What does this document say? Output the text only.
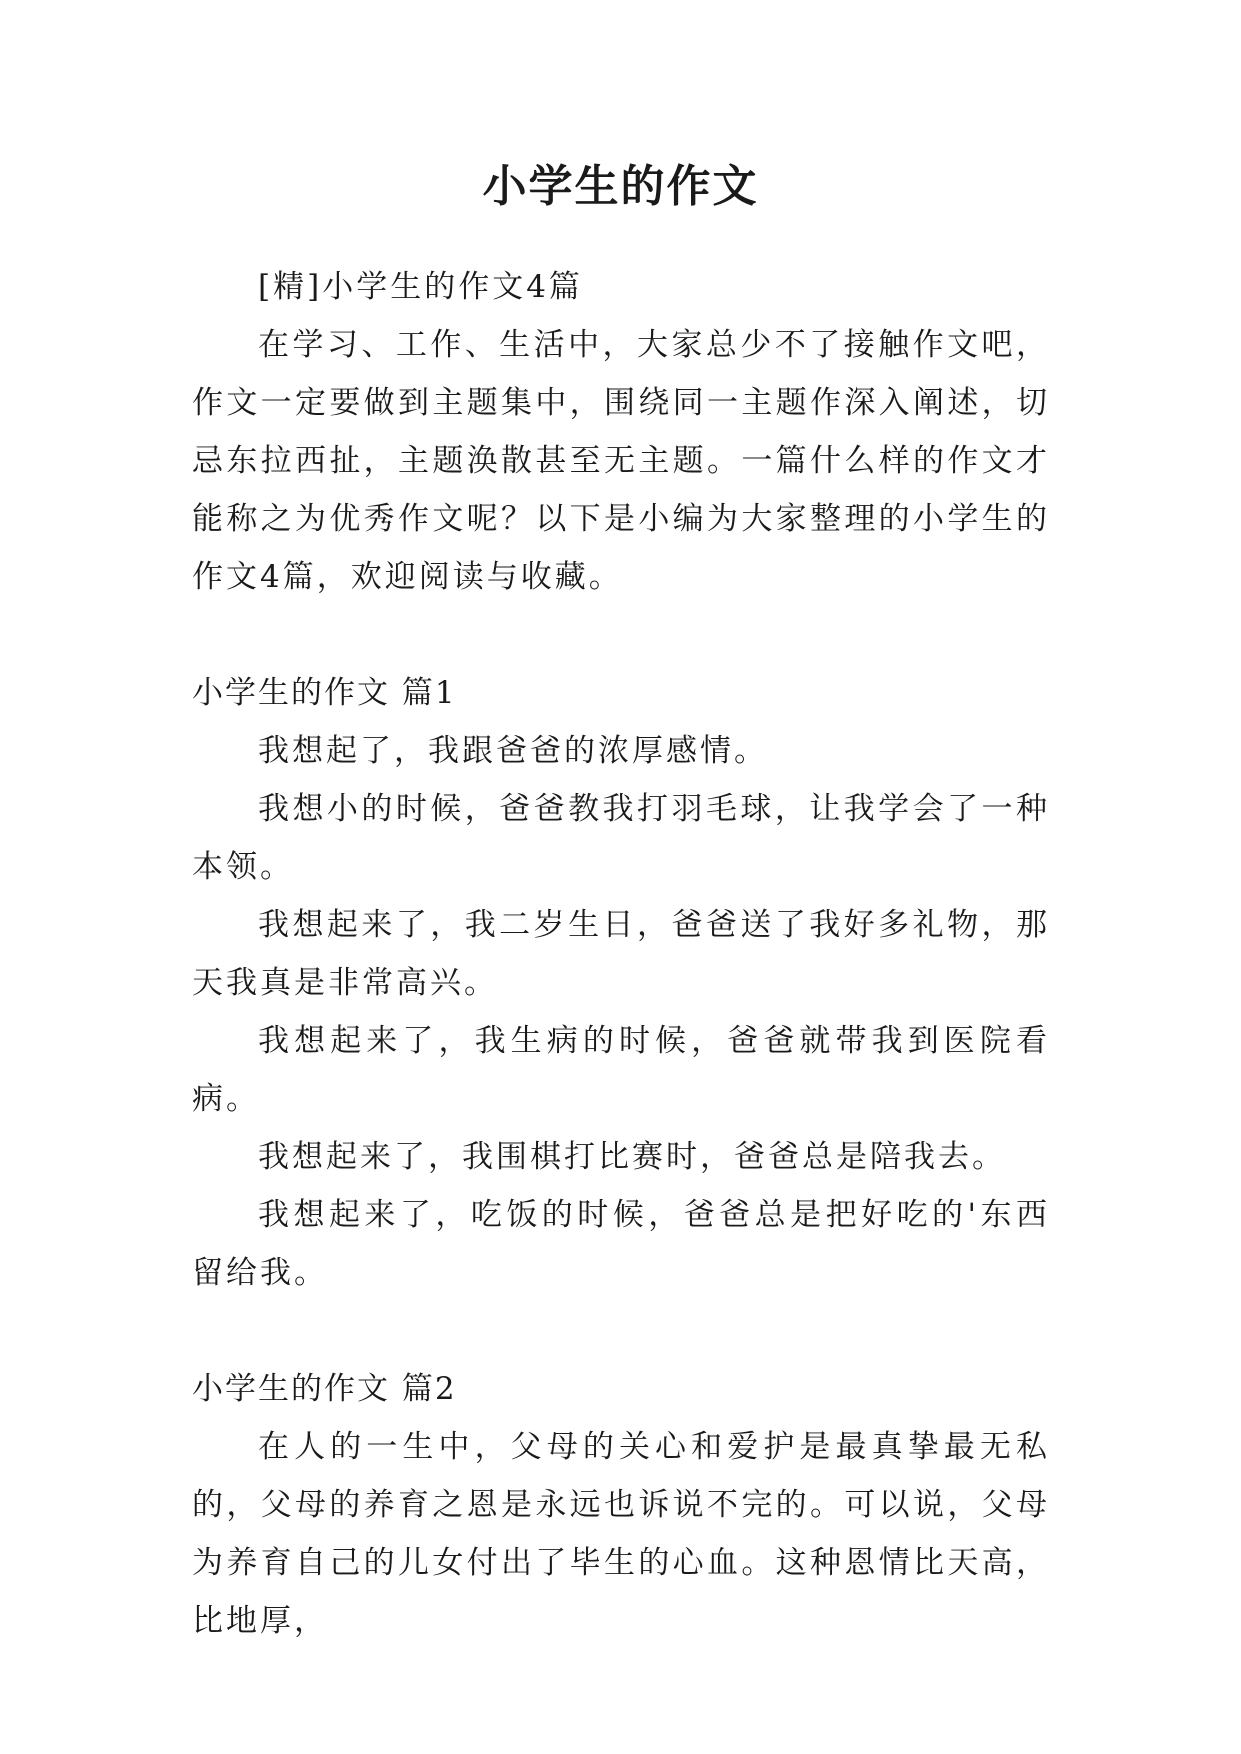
小学生的作文

[精]小学生的作文4篇

在学习、工作、生活中，大家总少不了接触作文吧，作文一定要做到主题集中，围绕同一主题作深入阐述，切忌东拉西扯，主题涣散甚至无主题。一篇什么样的作文才能称之为优秀作文呢？以下是小编为大家整理的小学生的作文4篇，欢迎阅读与收藏。

小学生的作文 篇1

我想起了，我跟爸爸的浓厚感情。

我想小的时候，爸爸教我打羽毛球，让我学会了一种本领。

我想起来了，我二岁生日，爸爸送了我好多礼物，那天我真是非常高兴。

我想起来了，我生病的时候，爸爸就带我到医院看病。

我想起来了，我围棋打比赛时，爸爸总是陪我去。

我想起来了，吃饭的时候，爸爸总是把好吃的'东西留给我。

小学生的作文 篇2

在人的一生中，父母的关心和爱护是最真挚最无私的，父母的养育之恩是永远也诉说不完的。可以说，父母为养育自己的儿女付出了毕生的心血。这种恩情比天高，比地厚，
